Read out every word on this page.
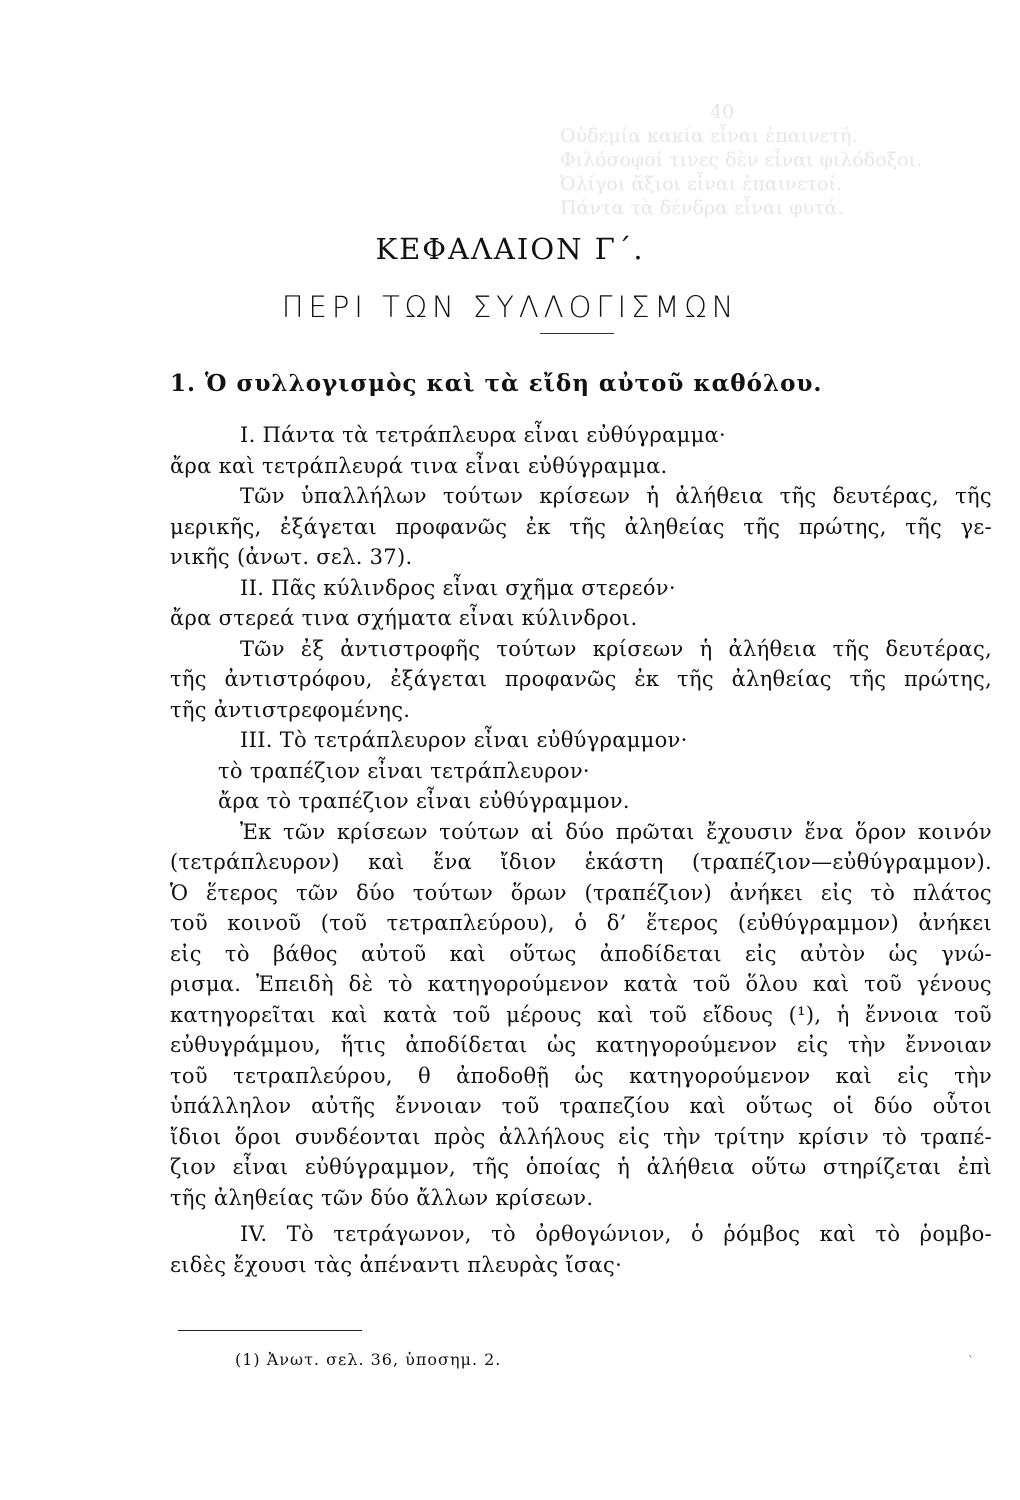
40
Οὐδεμία κακία εἶναι ἐπαινετή.
Φιλόσοφοί τινες δὲν εἶναι φιλόδοξοι.
Ὀλίγοι ἄξιοι εἶναι ἐπαινετοί.
Πάντα τὰ δένδρα εἶναι φυτά.
ΚΕΦΑΛΑΙΟΝ Γ΄.
ΠΕΡΙ ΤΩΝ ΣΥΛΛΟΓΙΣΜΩΝ
1. Ὁ συλλογισμὸς καὶ τὰ εἴδη αὐτοῦ καθόλου.
I. Πάντα τὰ τετράπλευρα εἶναι εὐθύγραμμα·
ἄρα καὶ τετράπλευρά τινα εἶναι εὐθύγραμμα.
Τῶν ὑπαλλήλων τούτων κρίσεων ἡ ἀλήθεια τῆς δευτέρας, τῆς
μερικῆς, ἐξάγεται προφανῶς ἐκ τῆς ἀληθείας τῆς πρώτης, τῆς γε-
νικῆς (ἀνωτ. σελ. 37).
II. Πᾶς κύλινδρος εἶναι σχῆμα στερεόν·
ἄρα στερεά τινα σχήματα εἶναι κύλινδροι.
Τῶν ἐξ ἀντιστροφῆς τούτων κρίσεων ἡ ἀλήθεια τῆς δευτέρας,
τῆς ἀντιστρόφου, ἐξάγεται προφανῶς ἐκ τῆς ἀληθείας τῆς πρώτης,
τῆς ἀντιστρεφομένης.
III. Τὸ τετράπλευρον εἶναι εὐθύγραμμον·
τὸ τραπέζιον εἶναι τετράπλευρον·
ἄρα τὸ τραπέζιον εἶναι εὐθύγραμμον.
Ἐκ τῶν κρίσεων τούτων αἱ δύο πρῶται ἔχουσιν ἕνα ὅρον κοινόν
(τετράπλευρον) καὶ ἕνα ἴδιον ἑκάστη (τραπέζιον—εὐθύγραμμον).
Ὁ ἕτερος τῶν δύο τούτων ὅρων (τραπέζιον) ἀνήκει εἰς τὸ πλάτος
τοῦ κοινοῦ (τοῦ τετραπλεύρου), ὁ δ’ ἕτερος (εὐθύγραμμον) ἀνήκει
εἰς τὸ βάθος αὐτοῦ καὶ οὕτως ἀποδίδεται εἰς αὐτὸν ὡς γνώ-
ρισμα. Ἐπειδὴ δὲ τὸ κατηγορούμενον κατὰ τοῦ ὅλου καὶ τοῦ γένους
κατηγορεῖται καὶ κατὰ τοῦ μέρους καὶ τοῦ εἴδους (¹), ἡ ἔννοια τοῦ
εὐθυγράμμου, ἥτις ἀποδίδεται ὡς κατηγορούμενον εἰς τὴν ἔννοιαν
τοῦ τετραπλεύρου, θ ἀποδοθῇ ὡς κατηγορούμενον καὶ εἰς τὴν
ὑπάλληλον αὐτῆς ἔννοιαν τοῦ τραπεζίου καὶ οὕτως οἱ δύο οὗτοι
ἴδιοι ὅροι συνδέονται πρὸς ἀλλήλους εἰς τὴν τρίτην κρίσιν τὸ τραπέ-
ζιον εἶναι εὐθύγραμμον, τῆς ὁποίας ἡ ἀλήθεια οὕτω στηρίζεται ἐπὶ
τῆς ἀληθείας τῶν δύο ἄλλων κρίσεων.
IV. Τὸ τετράγωνον, τὸ ὀρθογώνιον, ὁ ῥόμβος καὶ τὸ ῥομβο-
ειδὲς ἔχουσι τὰς ἀπέναντι πλευρὰς ἴσας·
(1) Ἀνωτ. σελ. 36, ὑποσημ. 2.	ˋ
